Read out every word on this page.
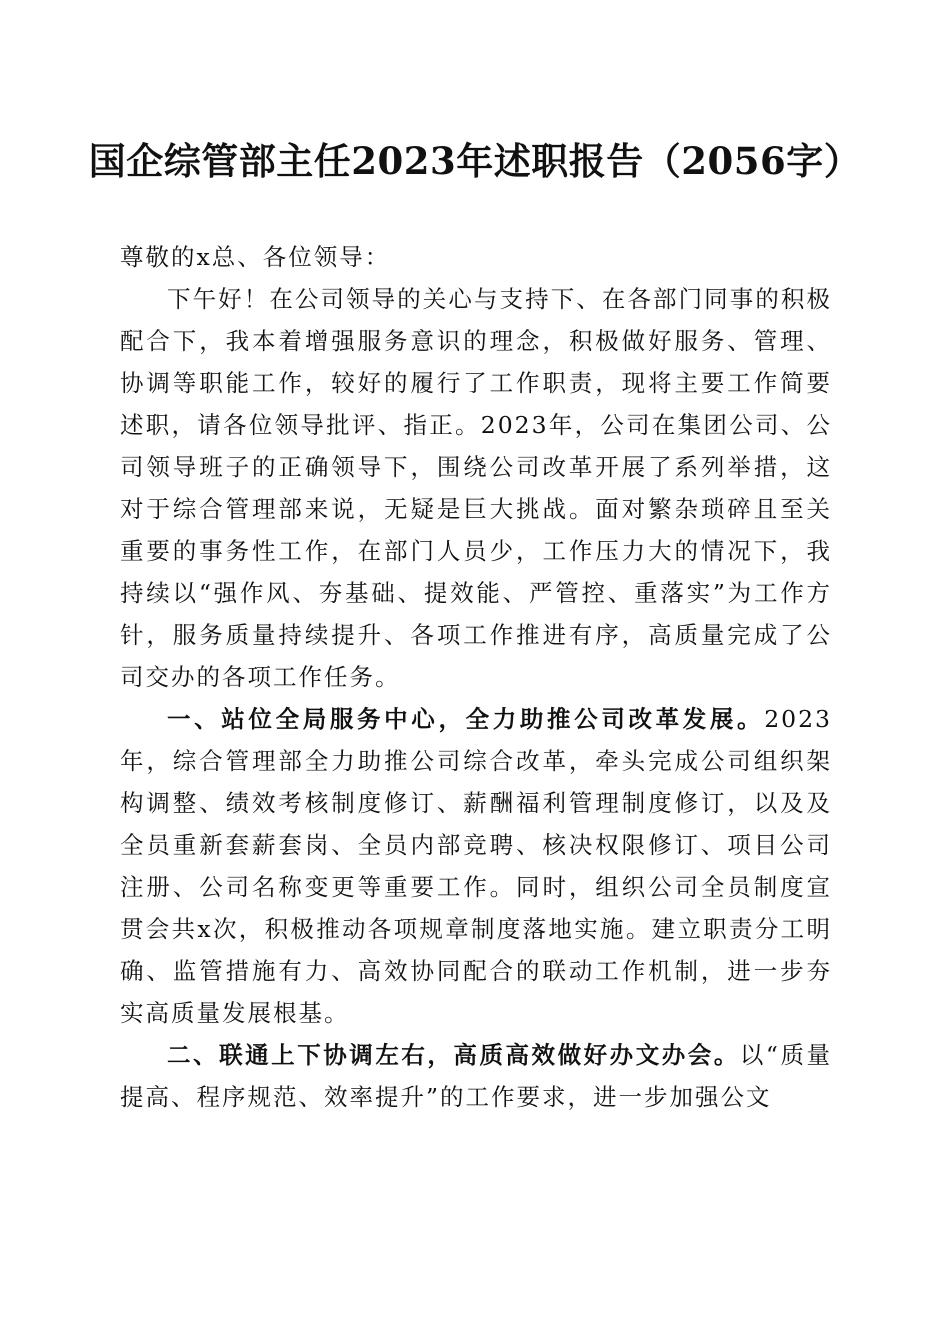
国企综管部主任2023年述职报告（2056字）

尊敬的x总、各位领导：

下午好！在公司领导的关心与支持下、在各部门同事的积极配合下，我本着增强服务意识的理念，积极做好服务、管理、协调等职能工作，较好的履行了工作职责，现将主要工作简要述职，请各位领导批评、指正。2023年，公司在集团公司、公司领导班子的正确领导下，围绕公司改革开展了系列举措，这对于综合管理部来说，无疑是巨大挑战。面对繁杂琐碎且至关重要的事务性工作，在部门人员少，工作压力大的情况下，我持续以“强作风、夯基础、提效能、严管控、重落实”为工作方针，服务质量持续提升、各项工作推进有序，高质量完成了公司交办的各项工作任务。

一、站位全局服务中心，全力助推公司改革发展。2023年，综合管理部全力助推公司综合改革，牵头完成公司组织架构调整、绩效考核制度修订、薪酬福利管理制度修订，以及及全员重新套薪套岗、全员内部竞聘、核决权限修订、项目公司注册、公司名称变更等重要工作。同时，组织公司全员制度宣贯会共x次，积极推动各项规章制度落地实施。建立职责分工明确、监管措施有力、高效协同配合的联动工作机制，进一步夯实高质量发展根基。

二、联通上下协调左右，高质高效做好办文办会。以“质量提高、程序规范、效率提升”的工作要求，进一步加强公文
